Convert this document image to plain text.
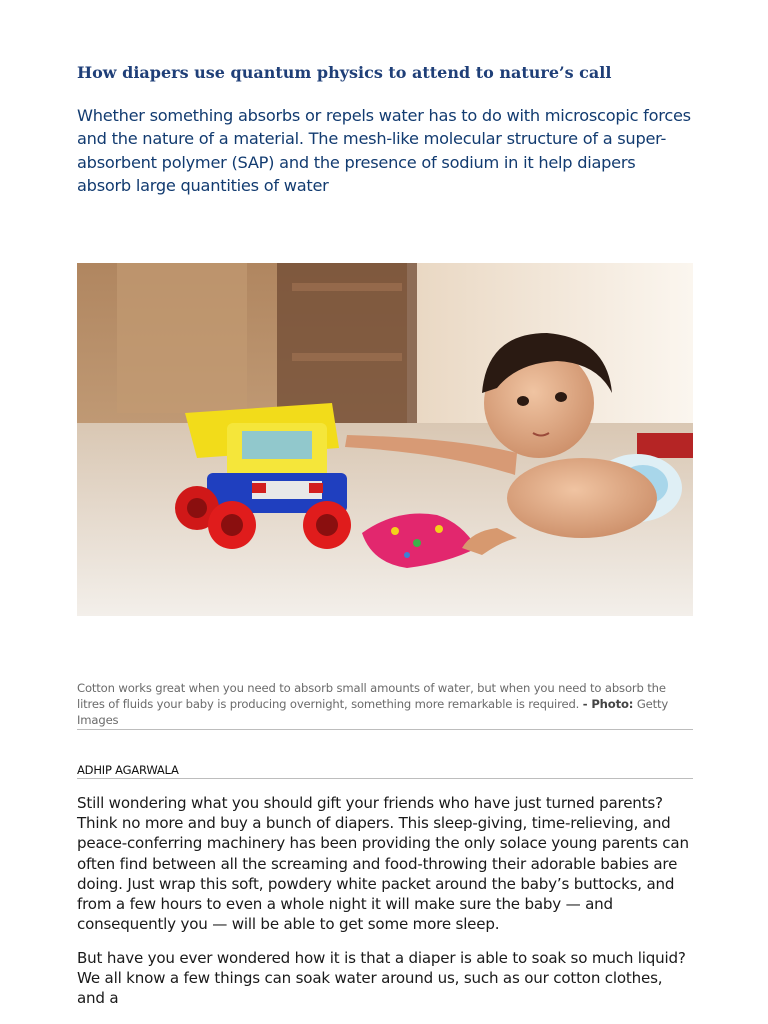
How diapers use quantum physics to attend to nature’s call

Whether something absorbs or repels water has to do with microscopic forces and the nature of a material. The mesh-like molecular structure of a super-absorbent polymer (SAP) and the presence of sodium in it help diapers absorb large quantities of water

Cotton works great when you need to absorb small amounts of water, but when you need to absorb the litres of fluids your baby is producing overnight, something more remarkable is required. - Photo: Getty Images

ADHIP AGARWALA

Still wondering what you should gift your friends who have just turned parents? Think no more and buy a bunch of diapers. This sleep-giving, time-relieving, and peace-conferring machinery has been providing the only solace young parents can often find between all the screaming and food-throwing their adorable babies are doing. Just wrap this soft, powdery white packet around the baby’s buttocks, and from a few hours to even a whole night it will make sure the baby — and consequently you — will be able to get some more sleep.

But have you ever wondered how it is that a diaper is able to soak so much liquid? We all know a few things can soak water around us, such as our cotton clothes, and a
